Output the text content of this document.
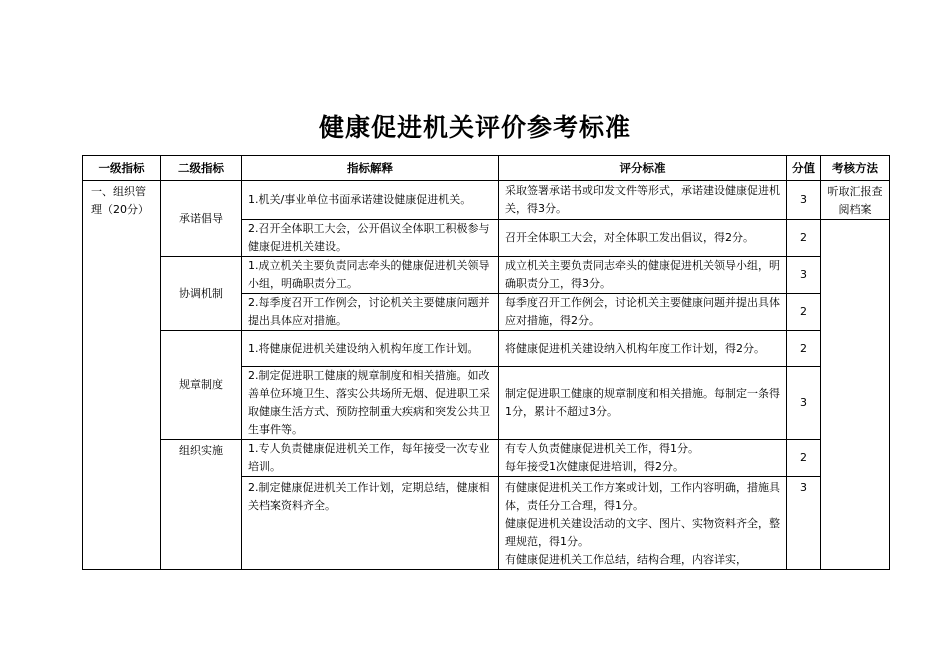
健康促进机关评价参考标准
一级指标	二级指标	指标解释	评分标准	分值	考核方法
一、组织管理（20分）	承诺倡导	1.机关/事业单位书面承诺建设健康促进机关。	采取签署承诺书或印发文件等形式，承诺建设健康促进机关，得3分。	3	听取汇报查阅档案
		2.召开全体职工大会，公开倡议全体职工积极参与健康促进机关建设。	召开全体职工大会，对全体职工发出倡议，得2分。	2	
	协调机制	1.成立机关主要负责同志牵头的健康促进机关领导小组，明确职责分工。	成立机关主要负责同志牵头的健康促进机关领导小组，明确职责分工，得3分。	3	
		2.每季度召开工作例会，讨论机关主要健康问题并提出具体应对措施。	每季度召开工作例会，讨论机关主要健康问题并提出具体应对措施，得2分。	2	
	规章制度	1.将健康促进机关建设纳入机构年度工作计划。	将健康促进机关建设纳入机构年度工作计划，得2分。	2	
		2.制定促进职工健康的规章制度和相关措施。如改善单位环境卫生、落实公共场所无烟、促进职工采取健康生活方式、预防控制重大疾病和突发公共卫生事件等。	制定促进职工健康的规章制度和相关措施。每制定一条得1分，累计不超过3分。	3	
	组织实施	1.专人负责健康促进机关工作，每年接受一次专业培训。	有专人负责健康促进机关工作，得1分。
每年接受1次健康促进培训，得2分。	2	
		2.制定健康促进机关工作计划，定期总结，健康相关档案资料齐全。	有健康促进机关工作方案或计划，工作内容明确，措施具体，责任分工合理，得1分。
健康促进机关建设活动的文字、图片、实物资料齐全，整理规范，得1分。
有健康促进机关工作总结，结构合理，内容详实，	3	
